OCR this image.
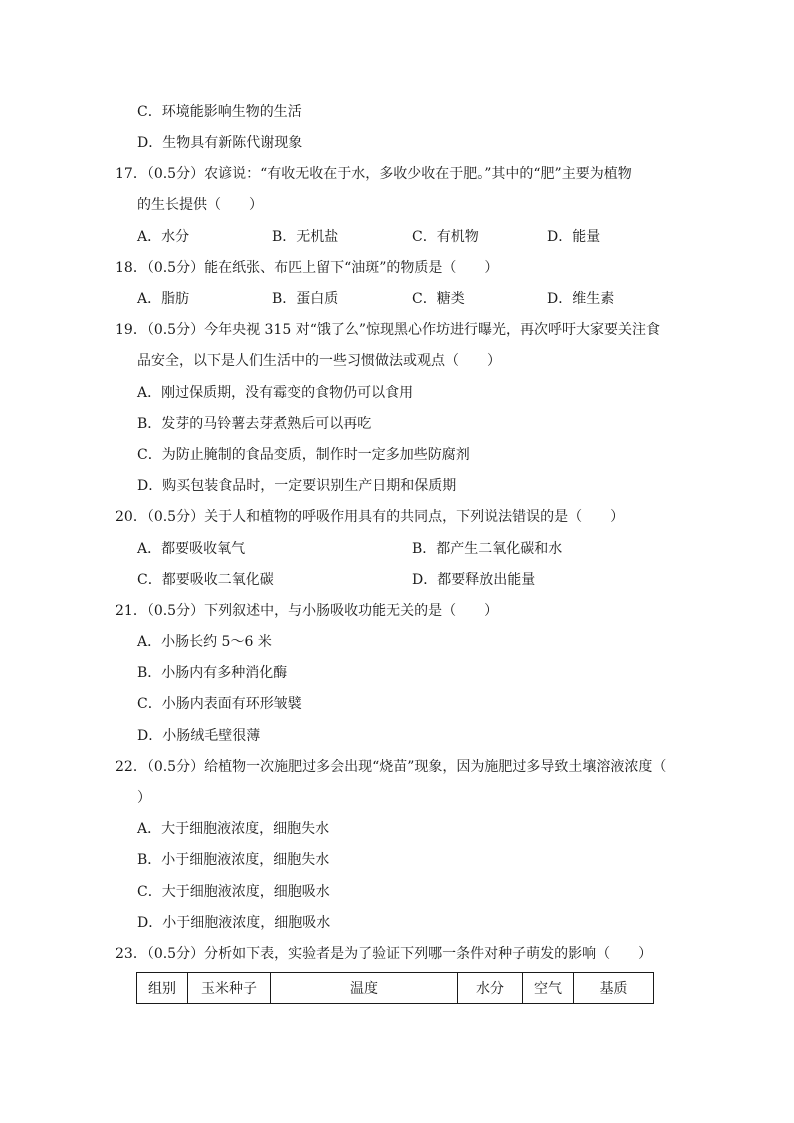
C．环境能影响生物的生活
D．生物具有新陈代谢现象
17．（0.5分）农谚说：“有收无收在于水，多收少收在于肥。”其中的“肥”主要为植物
的生长提供（　　）
A．水分	B．无机盐	C．有机物	D．能量
18．（0.5分）能在纸张、布匹上留下“油斑”的物质是（　　）
A．脂肪	B．蛋白质	C．糖类	D．维生素
19．（0.5分）今年央视 315 对“饿了么”惊现黑心作坊进行曝光，再次呼吁大家要关注食
品安全，以下是人们生活中的一些习惯做法或观点（　　）
A．刚过保质期，没有霉变的食物仍可以食用
B．发芽的马铃薯去芽煮熟后可以再吃
C．为防止腌制的食品变质，制作时一定多加些防腐剂
D．购买包装食品时，一定要识别生产日期和保质期
20．（0.5分）关于人和植物的呼吸作用具有的共同点，下列说法错误的是（　　）
A．都要吸收氧气	B．都产生二氧化碳和水
C．都要吸收二氧化碳	D．都要释放出能量
21．（0.5分）下列叙述中，与小肠吸收功能无关的是（　　）
A．小肠长约 5～6 米
B．小肠内有多种消化酶
C．小肠内表面有环形皱襞
D．小肠绒毛壁很薄
22．（0.5分）给植物一次施肥过多会出现“烧苗”现象，因为施肥过多导致土壤溶液浓度（
）
A．大于细胞液浓度，细胞失水
B．小于细胞液浓度，细胞失水
C．大于细胞液浓度，细胞吸水
D．小于细胞液浓度，细胞吸水
23．（0.5分）分析如下表，实验者是为了验证下列哪一条件对种子萌发的影响（　　）
组别	玉米种子	温度	水分	空气	基质
